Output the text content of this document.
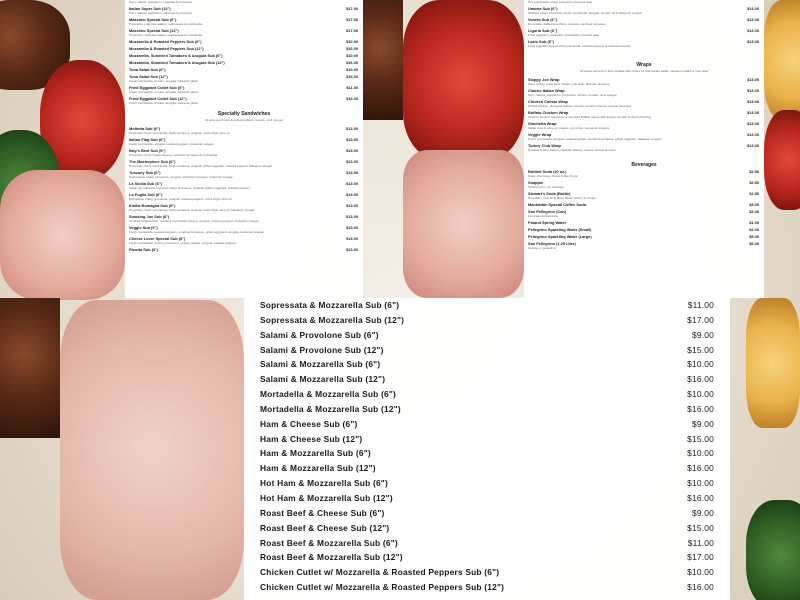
Ham, salami, pepperoni, capicola & provolone
Italian Super Sub (12")	$17.00
Ham, salami, pepperoni, capicola & provolone
Massimo Special Sub (6")	$17.00
Prosciutto, capicola, salami, sopressata & mozzarella
Massimo Special Sub (12")	$17.00
Prosciutto, capicola, salami, sopressata & mozzarella
Mozzarella & Roasted Peppers Sub (6")	$10.00
Mozzarella & Roasted Peppers Sub (12")	$16.00
Mozzarella, Sundried Tomatoes & Arugula Sub (6")	$10.00
Mozzarella, Sundried Tomatoes & Arugula Sub (12")	$16.00
Tuna Salad Sub (6")	$10.00
Tuna Salad Sub (12")	$16.00
Fresh mozzarella, tomato, arugula, balsamic glaze
Fried Eggplant Cutlet Sub (6")	$11.00
Fresh mozzarella, tomato, arugula, balsamic glaze
Fried Eggplant Cutlet Sub (12")	$16.00
Fresh mozzarella, tomato, arugula, balsamic glaze
Specialty Sandwiches
All subs are 6 inch & include lettuce, tomato, oil & vinegar
Moffetta Sub (6")	$13.00
Prosciutto, fresh mozzarella, fresh tomatoes, arugula, extra virgin olive oil
Italian Flag Sub (6")	$13.00
Fresh mozzarella, arugula, roasted peppers, balsamic vinegar
Italy's Best Sub (6")	$13.00
Prosciutto, fresh ricotta cheese, sundried tomatoes & mozzarella
The Masterpiece Sub (6")	$13.00
Prosciutto, fresh mozzarella, fresh tomatoes, arugula, grilled eggplant, roasted peppers balsamic vinegar
Tuscany Sub (6")	$13.00
Sopressata, sharp provolone, arugula, sundried tomatoes, balsamic vinegar
La Sicilia Sub (6")	$13.00
Italian dry capicola, imported sharp provolone, arugula, grilled eggplant, roasted peppers
La Puglia Sub (6")	$13.00
Mortadella, sharp provolone, arugula, roasted peppers, extra virgin olive oil
Emilia Romagna Sub (6")	$13.00
Prosciutto, fresh mozzarella, fresh tomatoes, arugula, extra virgin olive oil, balsamic vinegar
Smoking Joe Sub (6")	$13.00
Smoked Virginia ham, smoked mozzarella cheese, arugula, roasted peppers, balsamic vinegar
Veggie Sub (6")	$13.00
Fresh mozzarella, roasted peppers, sundried tomatoes, grilled eggplant, arugula, balsamic vinegar
Cheese Lover Special Sub (6")	$13.00
Fresh mozzarella, fontina, provolone, yellow cheese, arugula, roasted peppers
Ricotta Sub (6")	$13.00
Hot sopressata, sharp provolone, broccoli rabe
Umbria Sub (6")	$13.00
Chicken cutlet, prosciutto, fresh mozzarella, arugula, tomato, oil & balsamic vinegar
Veneto Sub (6")	$13.00
Prosciutto, Italian tuna fillets, arugula, sundried tomatoes
Liguria Sub (6")	$13.00
Fried eggplant, prosciutto, mozzarella, broccoli rabe
Lazio Sub (6")	$13.00
Fried eggplant topped with mozzarella, roasted peppers & artichoke hearts
Wraps
All wraps served on flour tortillas with choice of side potato salad, macaroni salad or cole slaw
Sloppy Joe Wrap	$13.00
Ham, turkey, roast beef, Swiss, cole slaw, Russian dressing
Classic Italian Wrap	$13.00
Ham, salami, pepperoni, provolone, lettuce, tomato, oil & vinegar
Chicken Caesar Wrap	$13.00
Grilled chicken, Romaine lettuce, tomato, romano cheese, Caesar dressing
Buffalo Chicken Wrap	$13.00
Chicken tenders tossed in homemade Buffalo sauce with lettuce, tomato & ranch dressing
Giachetta Wrap	$13.00
Italian tuna in olive oil, capers, red onion, tomato & romaine
Veggie Wrap	$13.00
Fresh mozzarella, arugula, roasted pepper, sundried tomatoes, grilled eggplant, balsamic vinegar
Turkey Club Wrap	$13.00
Roasted turkey, bacon, cheddar cheese, lettuce, tomato & mayo
Beverages
Bottled Soda (20 oz.)	$2.50
Coke, Diet Coke, Pepsi & Diet Pepsi
Snapple	$2.50
Choose from our selection
Stewart's Soda (Bottle)	$2.50
Root Beer, Diet Root Beer, Black Cherry & Cream
Manhattan Special Coffee Soda	$3.00
San Pellegrino (Can)	$2.00
Limonata & Aranciata
Poland Spring Water	$1.50
Pellegrino Sparkling Water (Small)	$2.00
Pellegrino Sparkling Water (Large)	$5.00
San Pellegrino (1.25 Liter)	$6.00
Orange or grapefruit
Sopressata & Mozzarella Sub (6")	$11.00
Sopressata & Mozzarella Sub (12")	$17.00
Salami & Provolone Sub (6")	$9.00
Salami & Provolone Sub (12")	$15.00
Salami & Mozzarella Sub (6")	$10.00
Salami & Mozzarella Sub (12")	$16.00
Mortadella & Mozzarella Sub (6")	$10.00
Mortadella & Mozzarella Sub (12")	$16.00
Ham & Cheese Sub (6")	$9.00
Ham & Cheese Sub (12")	$15.00
Ham & Mozzarella Sub (6")	$10.00
Ham & Mozzarella Sub (12")	$16.00
Hot Ham & Mozzarella Sub (6")	$10.00
Hot Ham & Mozzarella Sub (12")	$16.00
Roast Beef & Cheese Sub (6")	$9.00
Roast Beef & Cheese Sub (12")	$15.00
Roast Beef & Mozzarella Sub (6")	$11.00
Roast Beef & Mozzarella Sub (12")	$17.00
Chicken Cutlet w/ Mozzarella & Roasted Peppers Sub (6")	$10.00
Chicken Cutlet w/ Mozzarella & Roasted Peppers Sub (12")	$16.00
